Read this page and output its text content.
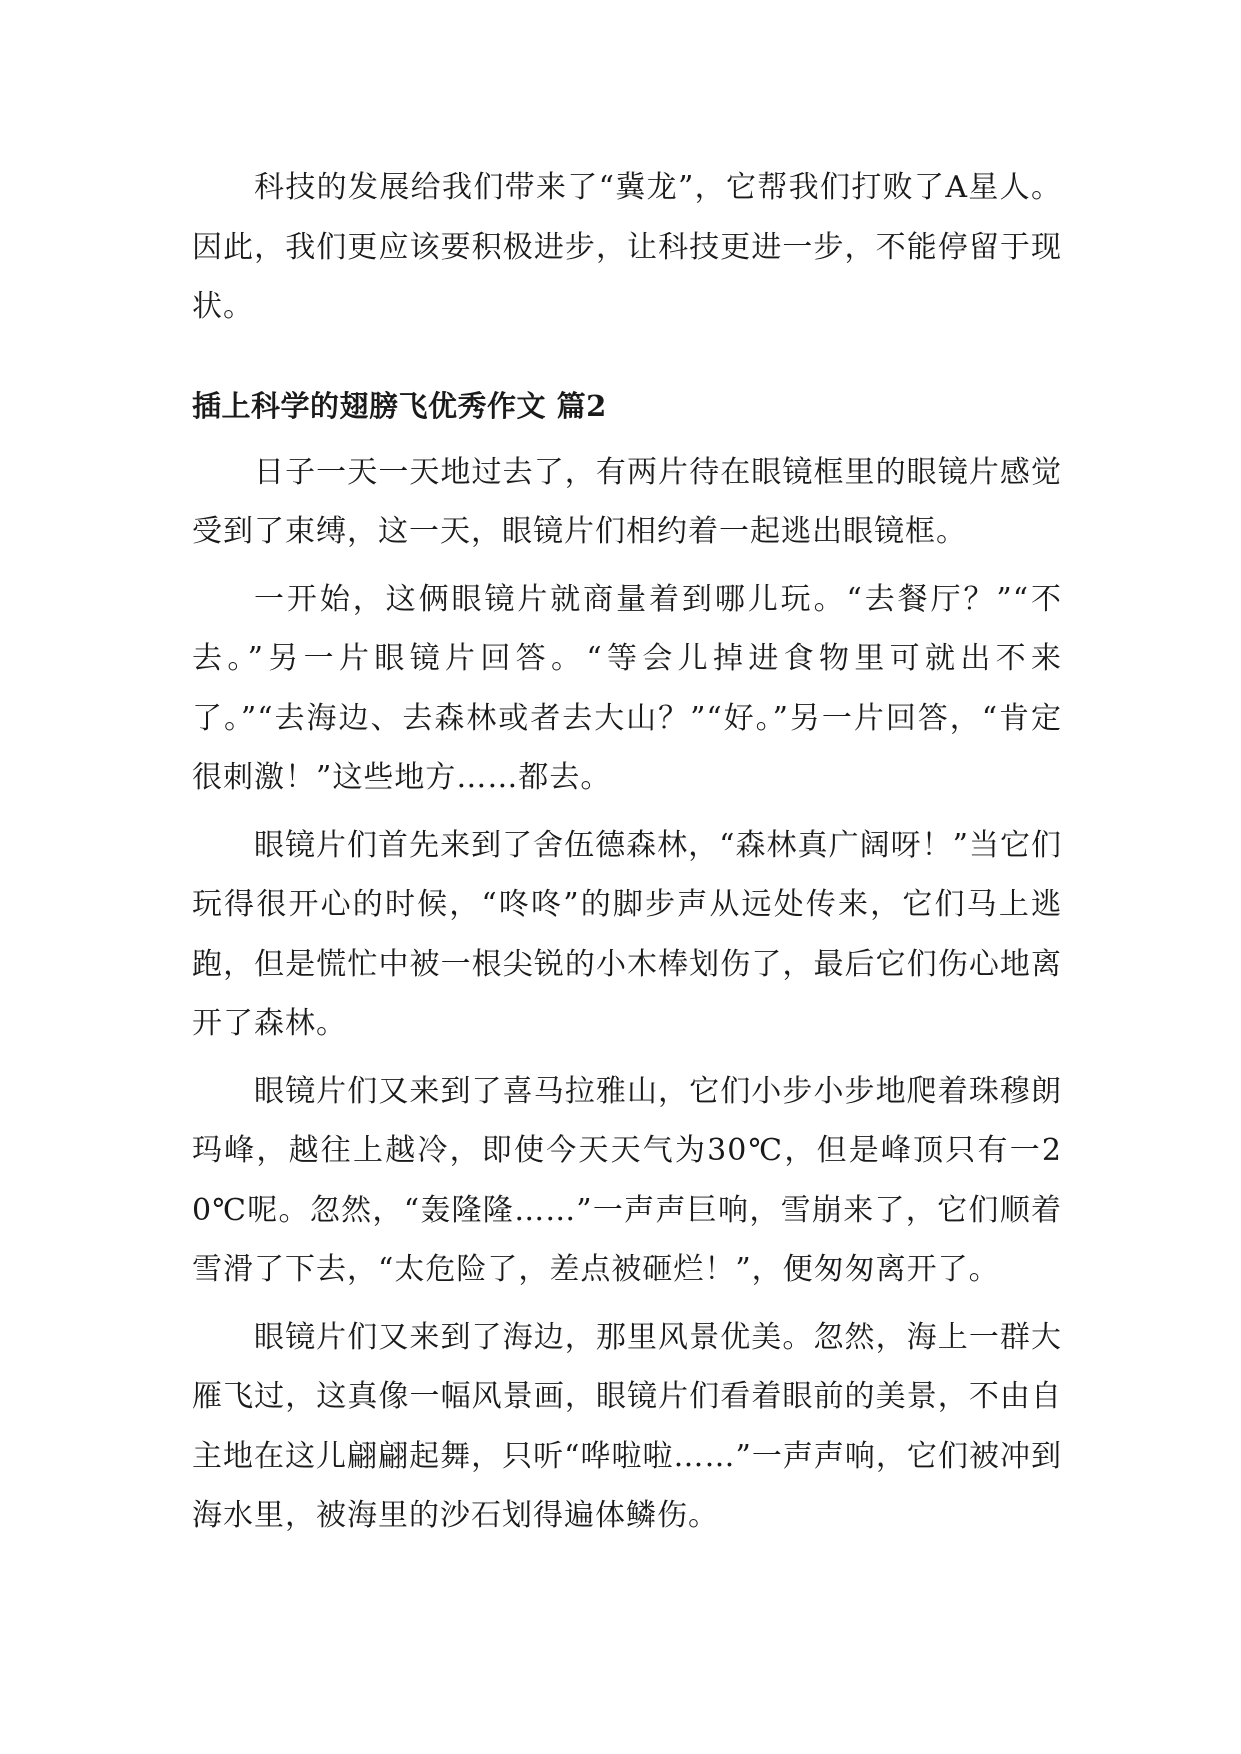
科技的发展给我们带来了“冀龙”，它帮我们打败了A星人。因此，我们更应该要积极进步，让科技更进一步，不能停留于现状。

插上科学的翅膀飞优秀作文 篇2

日子一天一天地过去了，有两片待在眼镜框里的眼镜片感觉受到了束缚，这一天，眼镜片们相约着一起逃出眼镜框。

一开始，这俩眼镜片就商量着到哪儿玩。“去餐厅？”“不去。”另一片眼镜片回答。“等会儿掉进食物里可就出不来了。”“去海边、去森林或者去大山？”“好。”另一片回答，“肯定很刺激！”这些地方……都去。

眼镜片们首先来到了舍伍德森林，“森林真广阔呀！”当它们玩得很开心的时候，“咚咚”的脚步声从远处传来，它们马上逃跑，但是慌忙中被一根尖锐的小木棒划伤了，最后它们伤心地离开了森林。

眼镜片们又来到了喜马拉雅山，它们小步小步地爬着珠穆朗玛峰，越往上越冷，即使今天天气为30℃，但是峰顶只有一20℃呢。忽然，“轰隆隆……”一声声巨响，雪崩来了，它们顺着雪滑了下去，“太危险了，差点被砸烂！”，便匆匆离开了。

眼镜片们又来到了海边，那里风景优美。忽然，海上一群大雁飞过，这真像一幅风景画，眼镜片们看着眼前的美景，不由自主地在这儿翩翩起舞，只听“哗啦啦……”一声声响，它们被冲到海水里，被海里的沙石划得遍体鳞伤。
